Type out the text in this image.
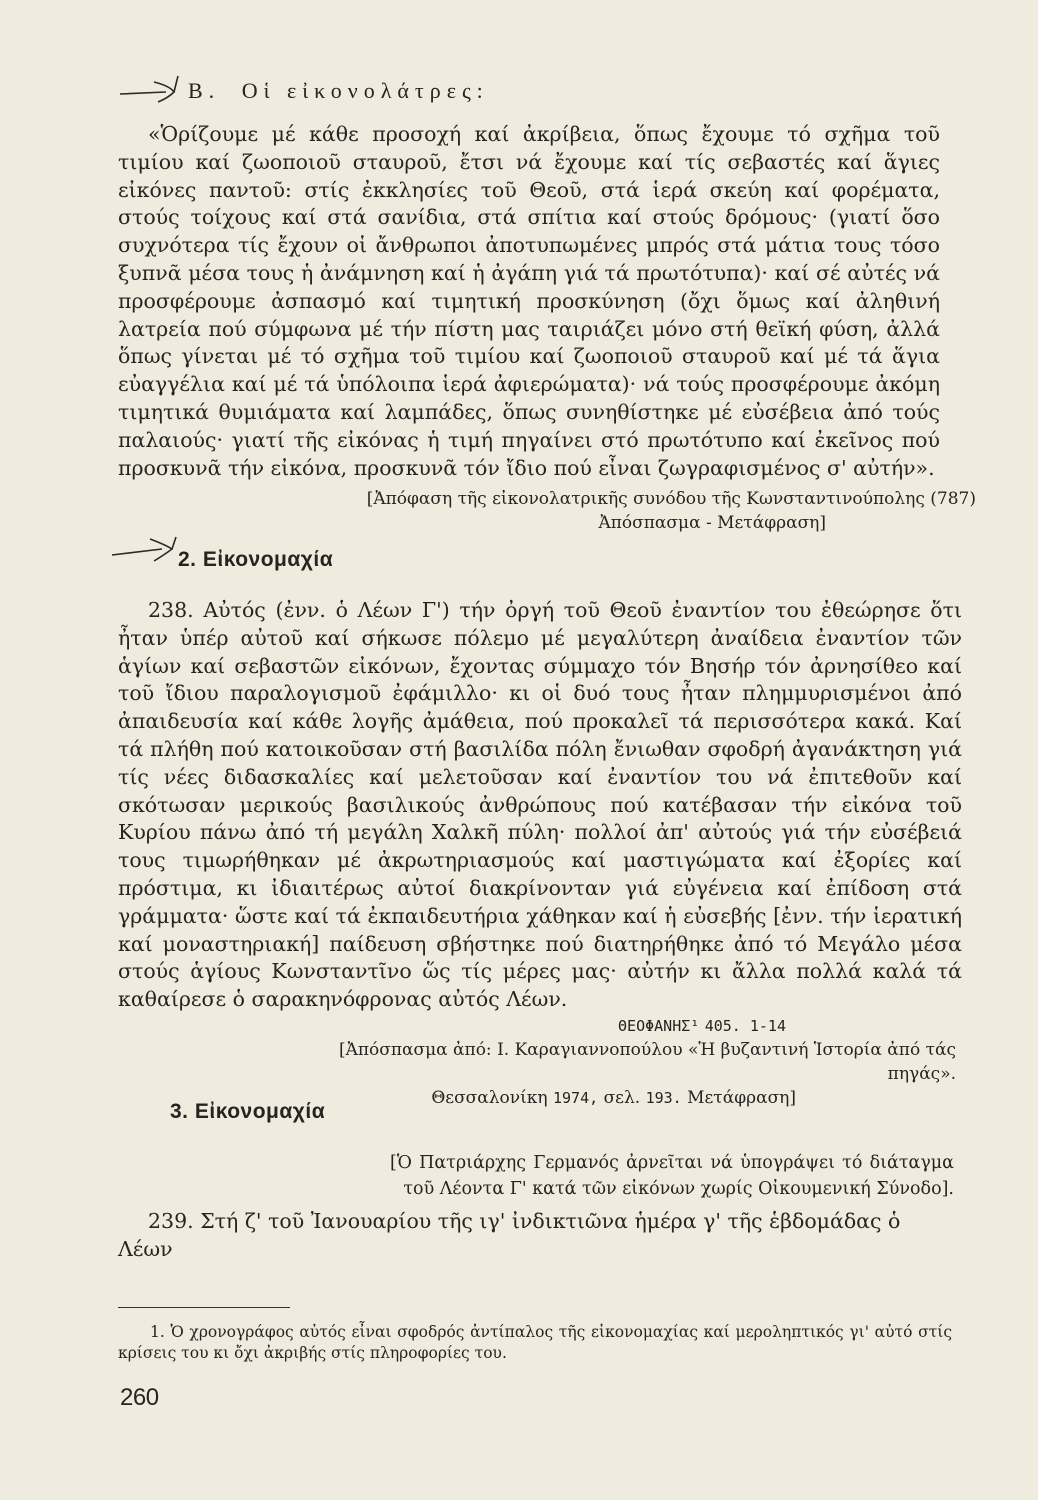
Β. Οἱ εἰκονολάτρες:

«Ὁρίζουμε μέ κάθε προσοχή καί ἀκρίβεια, ὅπως ἔχουμε τό σχῆμα τοῦ τιμίου καί ζωοποιοῦ σταυροῦ, ἔτσι νά ἔχουμε καί τίς σεβαστές καί ἅγιες εἰκόνες παντοῦ: στίς ἐκκλησίες τοῦ Θεοῦ, στά ἱερά σκεύη καί φορέματα, στούς τοίχους καί στά σανίδια, στά σπίτια καί στούς δρόμους· (γιατί ὅσο συχνότερα τίς ἔχουν οἱ ἄνθρωποι ἀποτυπωμένες μπρός στά μάτια τους τόσο ξυπνᾶ μέσα τους ἡ ἀνάμνηση καί ἡ ἀγάπη γιά τά πρωτότυπα)· καί σέ αὐτές νά προσφέρουμε ἀσπασμό καί τιμητική προσκύνηση (ὄχι ὅμως καί ἀληθινή λατρεία πού σύμφωνα μέ τήν πίστη μας ταιριάζει μόνο στή θεϊκή φύση, ἀλλά ὅπως γίνεται μέ τό σχῆμα τοῦ τιμίου καί ζωοποιοῦ σταυροῦ καί μέ τά ἅγια εὐαγγέλια καί μέ τά ὑπόλοιπα ἱερά ἀφιερώματα)· νά τούς προσφέρουμε ἀκόμη τιμητικά θυμιάματα καί λαμπάδες, ὅπως συνηθίστηκε μέ εὐσέβεια ἀπό τούς παλαιούς· γιατί τῆς εἰκόνας ἡ τιμή πηγαίνει στό πρωτότυπο καί ἐκεῖνος πού προσκυνᾶ τήν εἰκόνα, προσκυνᾶ τόν ἴδιο πού εἶναι ζωγραφισμένος σ' αὐτήν».

[Ἀπόφαση τῆς εἰκονολατρικῆς συνόδου τῆς Κωνσταντινούπολης (787)
Ἀπόσπασμα - Μετάφραση]
2. Εἰκονομαχία

238. Αὐτός (ἐνν. ὁ Λέων Γ') τήν ὀργή τοῦ Θεοῦ ἐναντίον του ἐθεώρησε ὅτι ἦταν ὑπέρ αὐτοῦ καί σήκωσε πόλεμο μέ μεγαλύτερη ἀναίδεια ἐναντίον τῶν ἁγίων καί σεβαστῶν εἰκόνων, ἔχοντας σύμμαχο τόν Βησήρ τόν ἀρνησίθεο καί τοῦ ἴδιου παραλογισμοῦ ἐφάμιλλο· κι οἱ δυό τους ἦταν πλημμυρισμένοι ἀπό ἀπαιδευσία καί κάθε λογῆς ἀμάθεια, πού προκαλεῖ τά περισσότερα κακά. Καί τά πλήθη πού κατοικοῦσαν στή βασιλίδα πόλη ἔνιωθαν σφοδρή ἀγανάκτηση γιά τίς νέες διδασκαλίες καί μελετοῦσαν καί ἐναντίον του νά ἐπιτεθοῦν καί σκότωσαν μερικούς βασιλικούς ἀνθρώπους πού κατέβασαν τήν εἰκόνα τοῦ Κυρίου πάνω ἀπό τή μεγάλη Χαλκῆ πύλη· πολλοί ἀπ' αὐτούς γιά τήν εὐσέβειά τους τιμωρήθηκαν μέ ἀκρωτηριασμούς καί μαστιγώματα καί ἐξορίες καί πρόστιμα, κι ἰδιαιτέρως αὐτοί διακρίνονταν γιά εὐγένεια καί ἐπίδοση στά γράμματα· ὥστε καί τά ἐκπαιδευτήρια χάθηκαν καί ἡ εὐσεβής [ἐνν. τήν ἱερατική καί μοναστηριακή] παίδευση σβήστηκε πού διατηρήθηκε ἀπό τό Μεγάλο μέσα στούς ἁγίους Κωνσταντῖνο ὥς τίς μέρες μας· αὐτήν κι ἄλλα πολλά καλά τά καθαίρεσε ὁ σαρακηνόφρονας αὐτός Λέων.

ΘΕΟΦΑΝΗΣ¹ 405. 1-14
[Ἀπόσπασμα ἀπό: Ι. Καραγιαννοπούλου «Ἡ βυζαντινή Ἱστορία ἀπό τάς πηγάς».
Θεσσαλονίκη 1974, σελ. 193. Μετάφραση]
3. Εἰκονομαχία

[Ὁ Πατριάρχης Γερμανός ἀρνεῖται νά ὑπογράψει τό διάταγμα τοῦ Λέοντα Γ' κατά τῶν εἰκόνων χωρίς Οἰκουμενική Σύνοδο].

239. Στή ζ' τοῦ Ἰανουαρίου τῆς ιγ' ἰνδικτιῶνα ἡμέρα γ' τῆς ἑβδομάδας ὁ Λέων

1. Ὁ χρονογράφος αὐτός εἶναι σφοδρός ἀντίπαλος τῆς εἰκονομαχίας καί μεροληπτικός γι' αὐτό στίς κρίσεις του κι ὄχι ἀκριβής στίς πληροφορίες του.

260
